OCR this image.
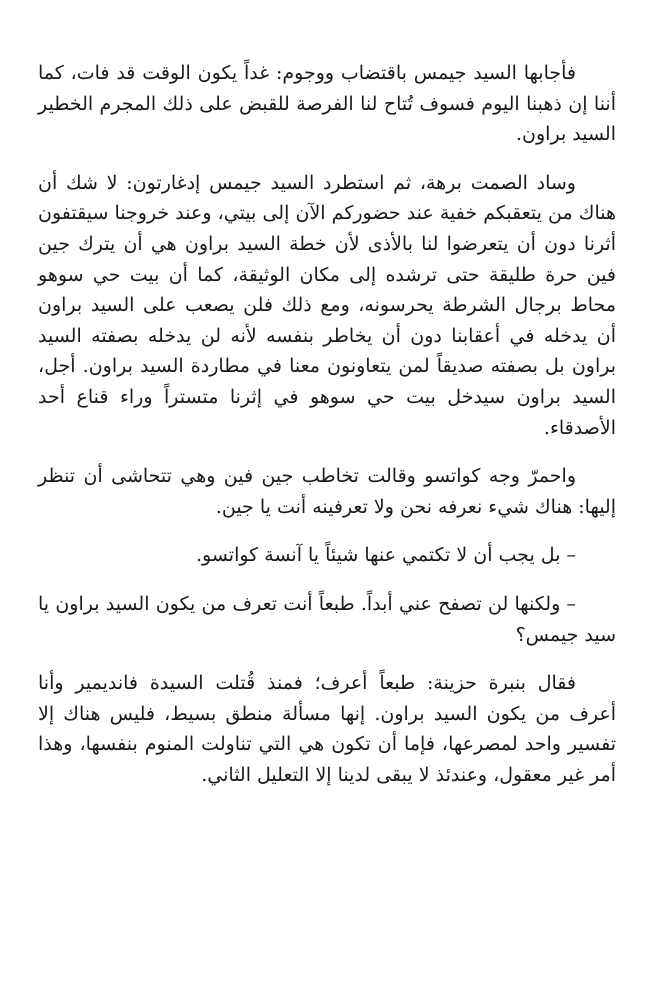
فأجابها السيد جيمس باقتضاب ووجوم: غداً يكون الوقت قد فات، كما أننا إن ذهبنا اليوم فسوف تُتاح لنا الفرصة للقبض على ذلك المجرم الخطير السيد براون.

وساد الصمت برهة، ثم استطرد السيد جيمس إدغارتون: لا شك أن هناك من يتعقبكم خفية عند حضوركم الآن إلى بيتي، وعند خروجنا سيقتفون أثرنا دون أن يتعرضوا لنا بالأذى لأن خطة السيد براون هي أن يترك جين فين حرة طليقة حتى ترشده إلى مكان الوثيقة، كما أن بيت حي سوهو محاط برجال الشرطة يحرسونه، ومع ذلك فلن يصعب على السيد براون أن يدخله في أعقابنا دون أن يخاطر بنفسه لأنه لن يدخله بصفته السيد براون بل بصفته صديقاً لمن يتعاونون معنا في مطاردة السيد براون. أجل، السيد براون سيدخل بيت حي سوهو في إثرنا متستراً وراء قناع أحد الأصدقاء.

واحمرّ وجه كواتسو وقالت تخاطب جين فين وهي تتحاشى أن تنظر إليها: هناك شيء نعرفه نحن ولا تعرفينه أنت يا جين.

– بل يجب أن لا تكتمي عنها شيئاً يا آنسة كواتسو.

– ولكنها لن تصفح عني أبداً. طبعاً أنت تعرف من يكون السيد براون يا سيد جيمس؟

فقال بنبرة حزينة: طبعاً أعرف؛ فمنذ قُتلت السيدة فانديمير وأنا أعرف من يكون السيد براون. إنها مسألة منطق بسيط، فليس هناك إلا تفسير واحد لمصرعها، فإما أن تكون هي التي تناولت المنوم بنفسها، وهذا أمر غير معقول، وعندئذ لا يبقى لدينا إلا التعليل الثاني.
